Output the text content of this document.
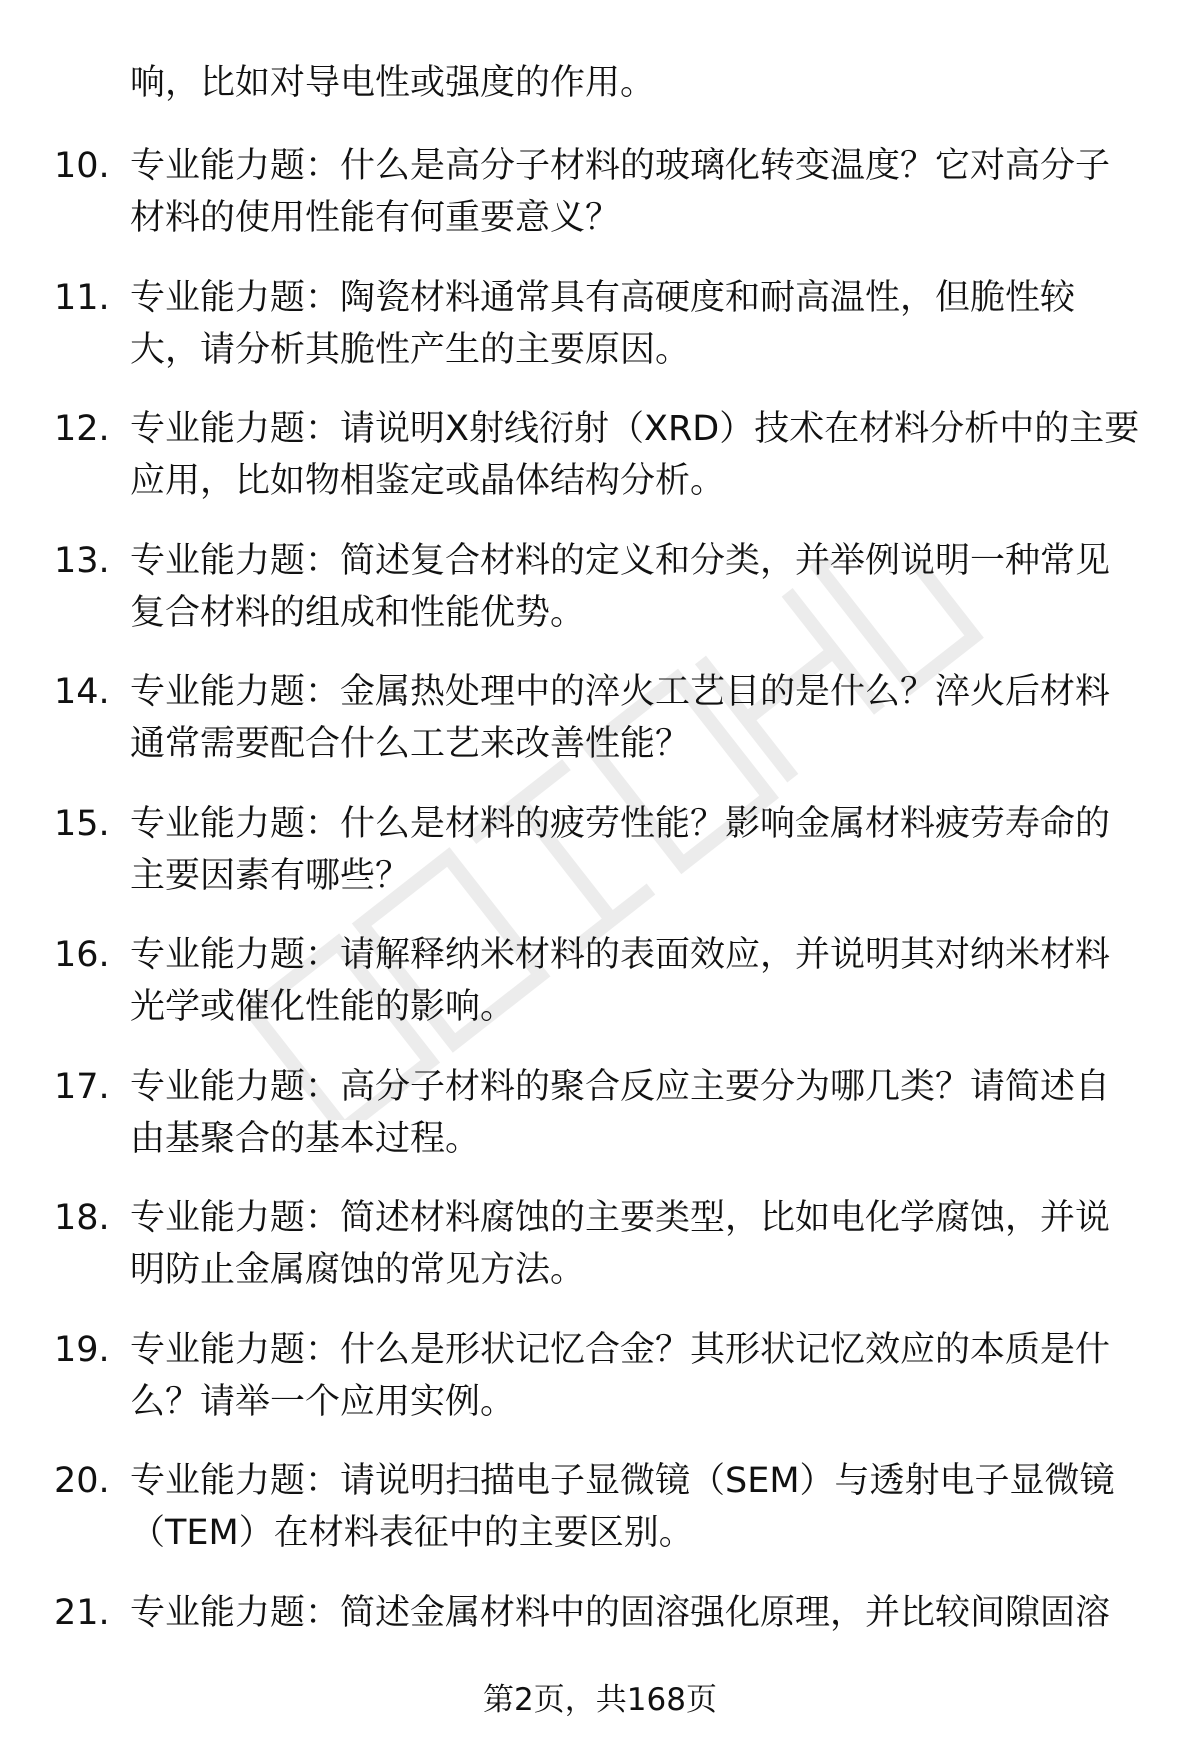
响，比如对导电性或强度的作用。

10. 专业能力题：什么是高分子材料的玻璃化转变温度？它对高分子材料的使用性能有何重要意义？

11. 专业能力题：陶瓷材料通常具有高硬度和耐高温性，但脆性较大，请分析其脆性产生的主要原因。

12. 专业能力题：请说明X射线衍射（XRD）技术在材料分析中的主要应用，比如物相鉴定或晶体结构分析。

13. 专业能力题：简述复合材料的定义和分类，并举例说明一种常见复合材料的组成和性能优势。

14. 专业能力题：金属热处理中的淬火工艺目的是什么？淬火后材料通常需要配合什么工艺来改善性能？

15. 专业能力题：什么是材料的疲劳性能？影响金属材料疲劳寿命的主要因素有哪些？

16. 专业能力题：请解释纳米材料的表面效应，并说明其对纳米材料光学或催化性能的影响。

17. 专业能力题：高分子材料的聚合反应主要分为哪几类？请简述自由基聚合的基本过程。

18. 专业能力题：简述材料腐蚀的主要类型，比如电化学腐蚀，并说明防止金属腐蚀的常见方法。

19. 专业能力题：什么是形状记忆合金？其形状记忆效应的本质是什么？请举一个应用实例。

20. 专业能力题：请说明扫描电子显微镜（SEM）与透射电子显微镜（TEM）在材料表征中的主要区别。

21. 专业能力题：简述金属材料中的固溶强化原理，并比较间隙固溶

第2页，共168页
